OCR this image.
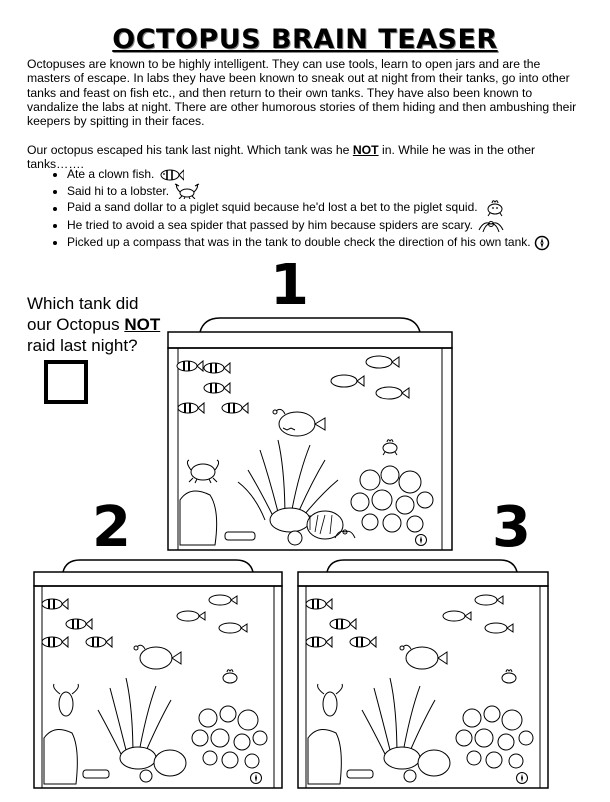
OCTOPUS BRAIN TEASER

Octopuses are known to be highly intelligent. They can use tools, learn to open jars and are the masters of escape. In labs they have been known to sneak out at night from their tanks, go into other tanks and feast on fish etc., and then return to their own tanks. They have also been known to vandalize the labs at night. There are other humorous stories of them hiding and then ambushing their keepers by spitting in their faces.

Our octopus escaped his tank last night. Which tank was he NOT in. While he was in the other tanks…….

• Ate a clown fish.
• Said hi to a lobster.
• Paid a sand dollar to a piglet squid because he'd lost a bet to the piglet squid.
• He tried to avoid a sea spider that passed by him because spiders are scary.
• Picked up a compass that was in the tank to double check the direction of his own tank.
Which tank did
our Octopus NOT
raid last night?
1
2	3
